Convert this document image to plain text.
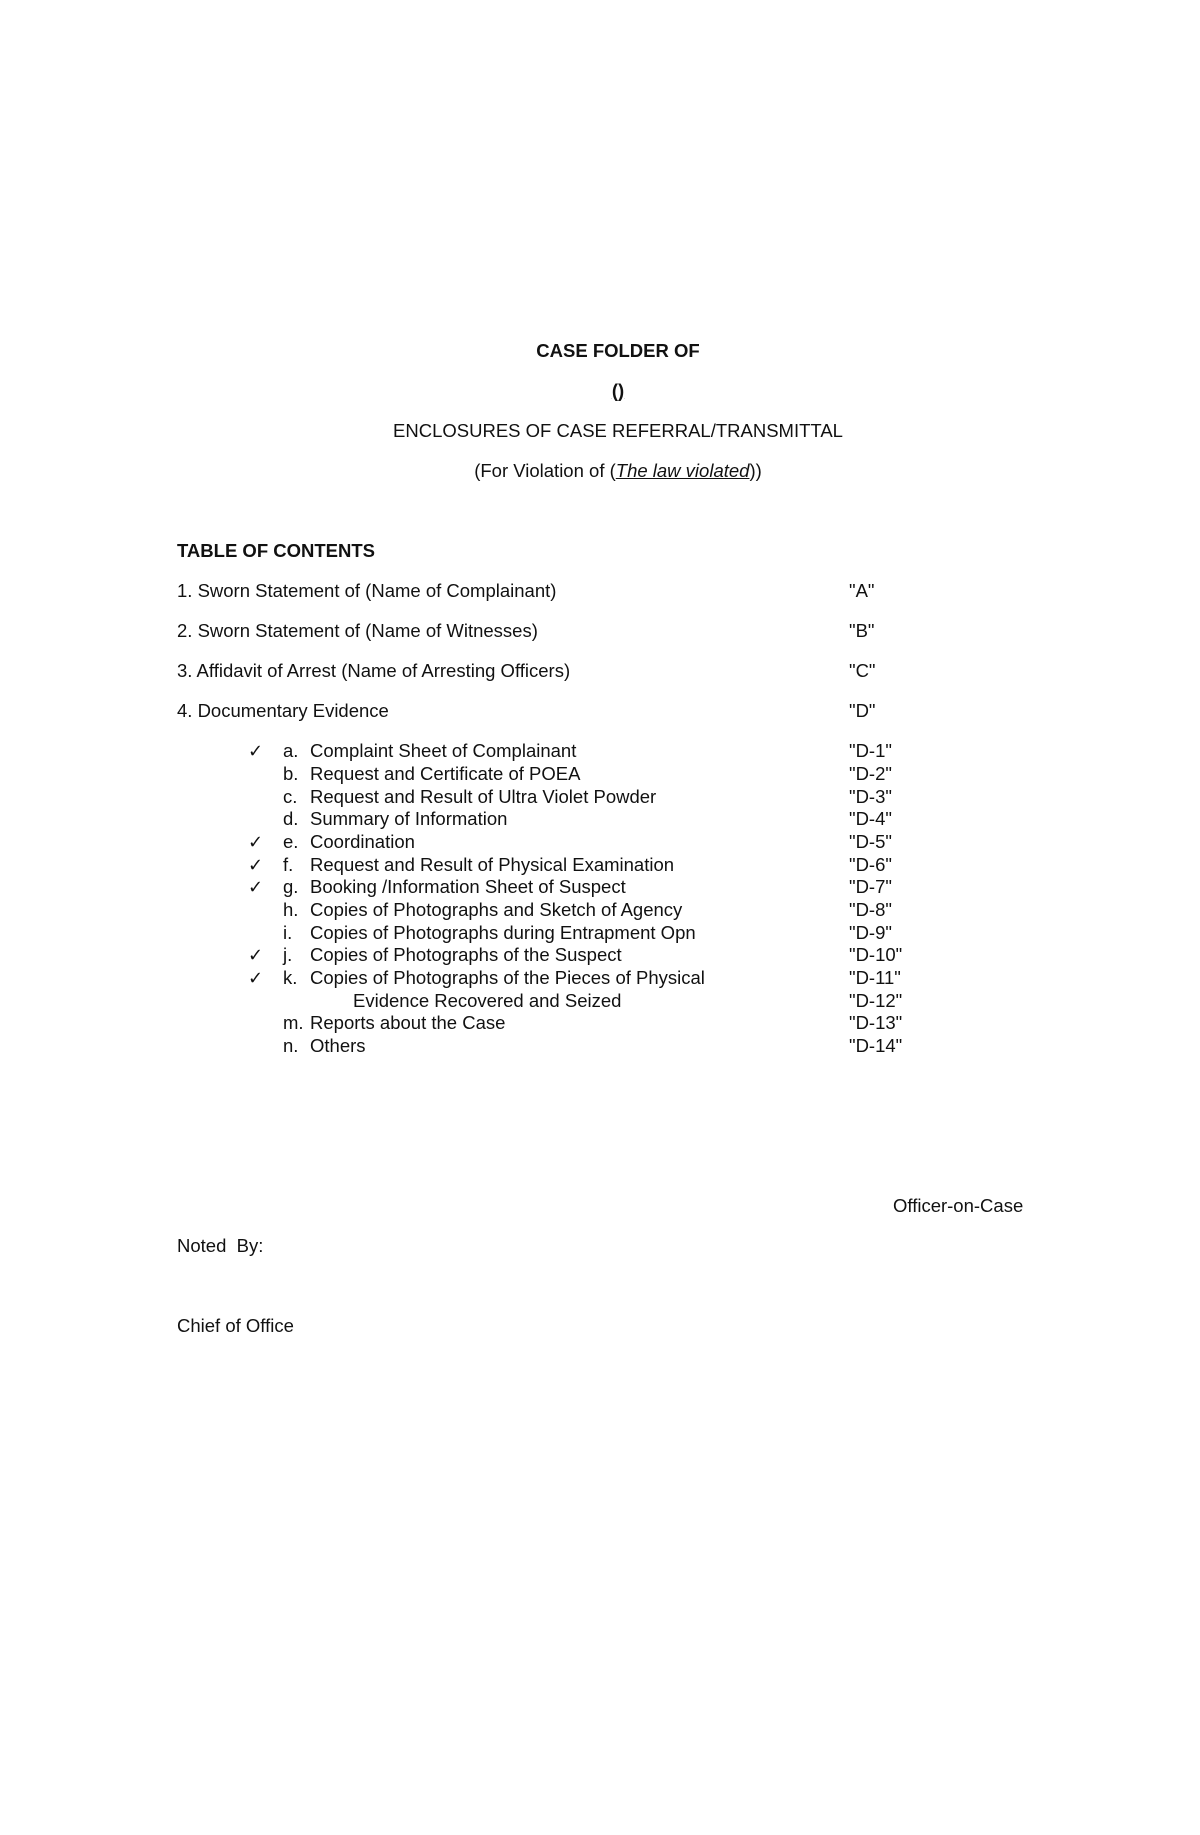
CASE FOLDER OF
()
ENCLOSURES OF CASE REFERRAL/TRANSMITTAL
(For Violation of (The law violated))
TABLE OF CONTENTS
1. Sworn Statement of (Name of Complainant)	"A"
2. Sworn Statement of (Name of Witnesses)	"B"
3. Affidavit of Arrest (Name of Arresting Officers)	"C"
4. Documentary Evidence	"D"
✓ a. Complaint Sheet of Complainant	"D-1"
b. Request and Certificate of POEA	"D-2"
c. Request and Result of Ultra Violet Powder	"D-3"
d. Summary of Information	"D-4"
✓ e. Coordination	"D-5"
✓ f. Request and Result of Physical Examination	"D-6"
✓ g. Booking /Information Sheet of Suspect	"D-7"
h. Copies of Photographs and Sketch of Agency	"D-8"
i. Copies of Photographs during Entrapment Opn	"D-9"
✓ j. Copies of Photographs of the Suspect	"D-10"
✓ k. Copies of Photographs of the Pieces of Physical	"D-11"
Evidence Recovered and Seized	"D-12"
m. Reports about the Case	"D-13"
n. Others	"D-14"
Officer-on-Case
Noted  By:
Chief of Office
